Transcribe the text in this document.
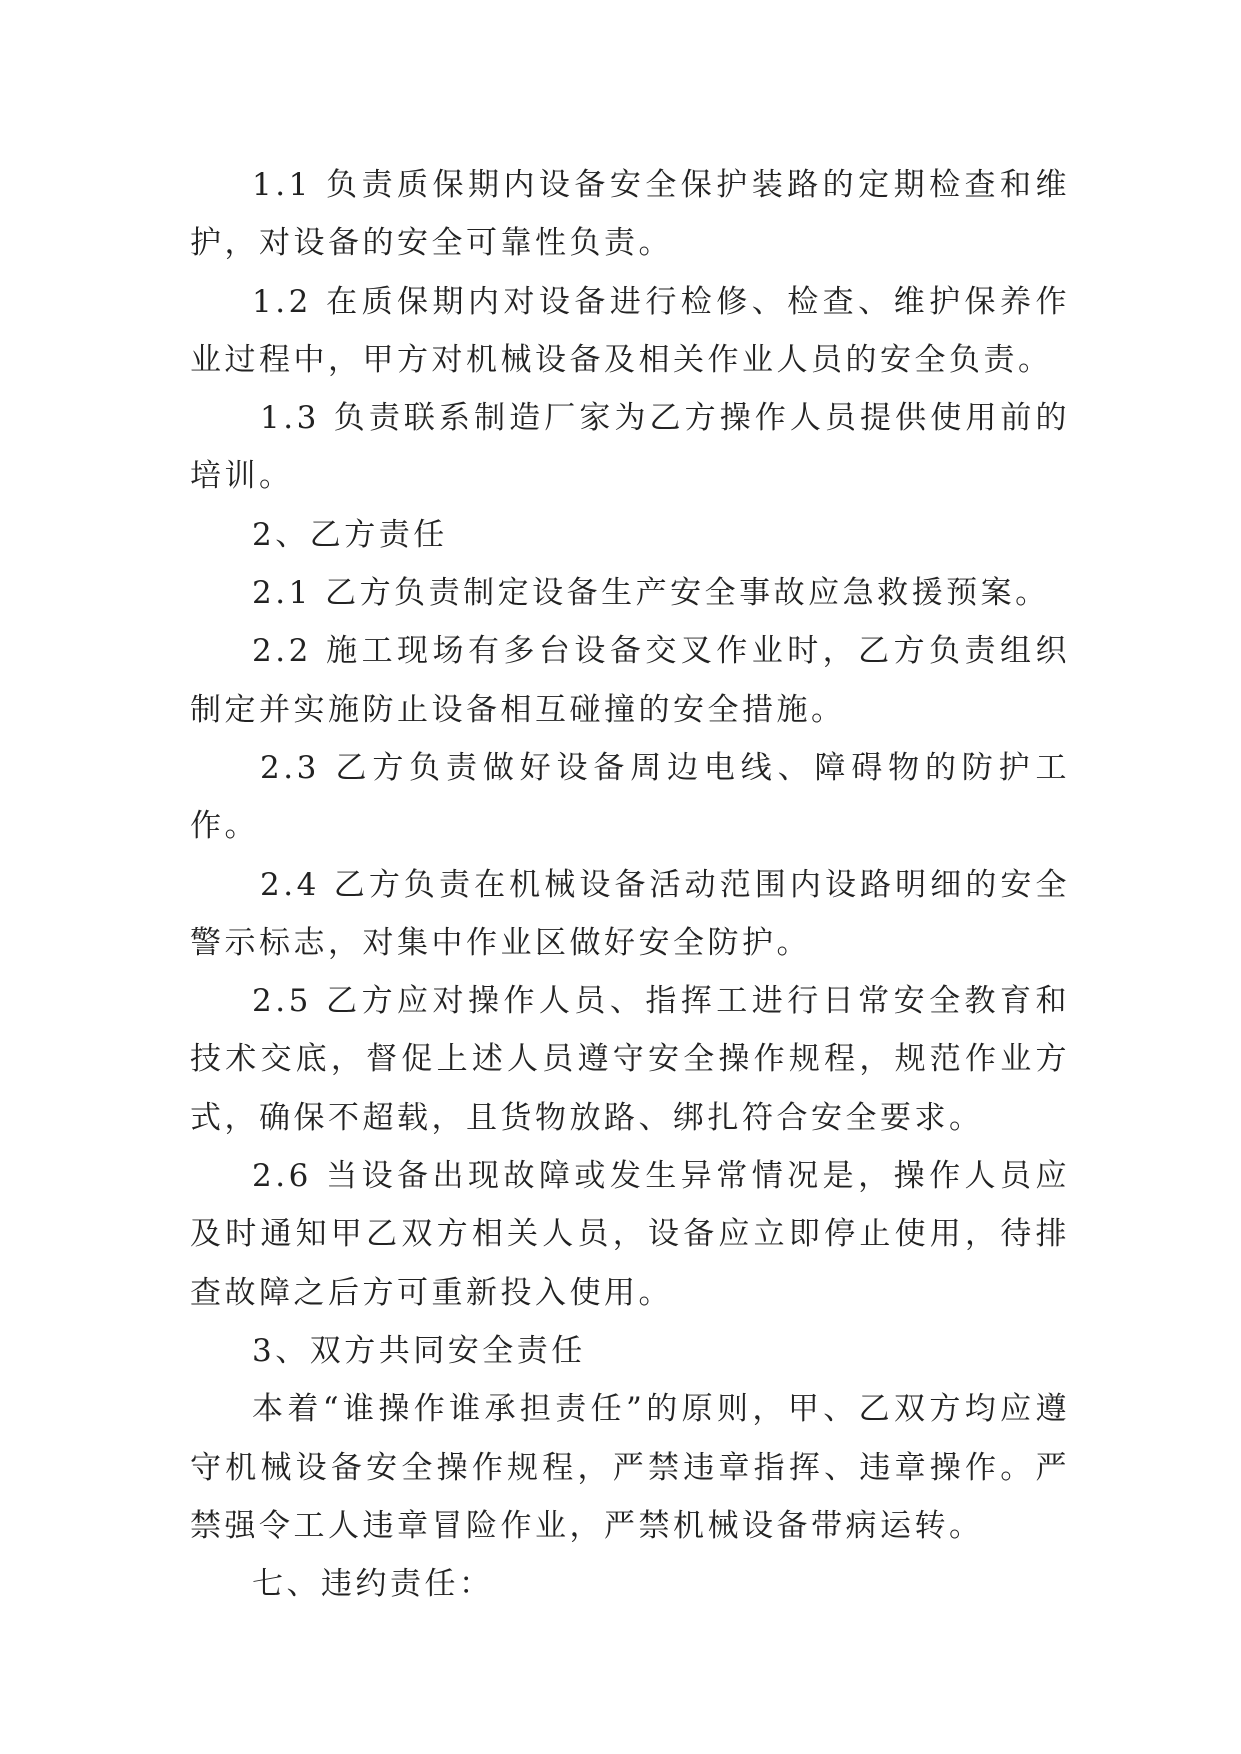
1.1 负责质保期内设备安全保护装路的定期检查和维护，对设备的安全可靠性负责。

1.2 在质保期内对设备进行检修、检查、维护保养作业过程中，甲方对机械设备及相关作业人员的安全负责。

1.3 负责联系制造厂家为乙方操作人员提供使用前的培训。

2、乙方责任

2.1 乙方负责制定设备生产安全事故应急救援预案。

2.2 施工现场有多台设备交叉作业时，乙方负责组织制定并实施防止设备相互碰撞的安全措施。

2.3 乙方负责做好设备周边电线、障碍物的防护工作。

2.4 乙方负责在机械设备活动范围内设路明细的安全警示标志，对集中作业区做好安全防护。

2.5 乙方应对操作人员、指挥工进行日常安全教育和技术交底，督促上述人员遵守安全操作规程，规范作业方式，确保不超载，且货物放路、绑扎符合安全要求。

2.6 当设备出现故障或发生异常情况是，操作人员应及时通知甲乙双方相关人员，设备应立即停止使用，待排查故障之后方可重新投入使用。

3、双方共同安全责任

本着“谁操作谁承担责任”的原则，甲、乙双方均应遵守机械设备安全操作规程，严禁违章指挥、违章操作。严禁强令工人违章冒险作业，严禁机械设备带病运转。

七、违约责任：
